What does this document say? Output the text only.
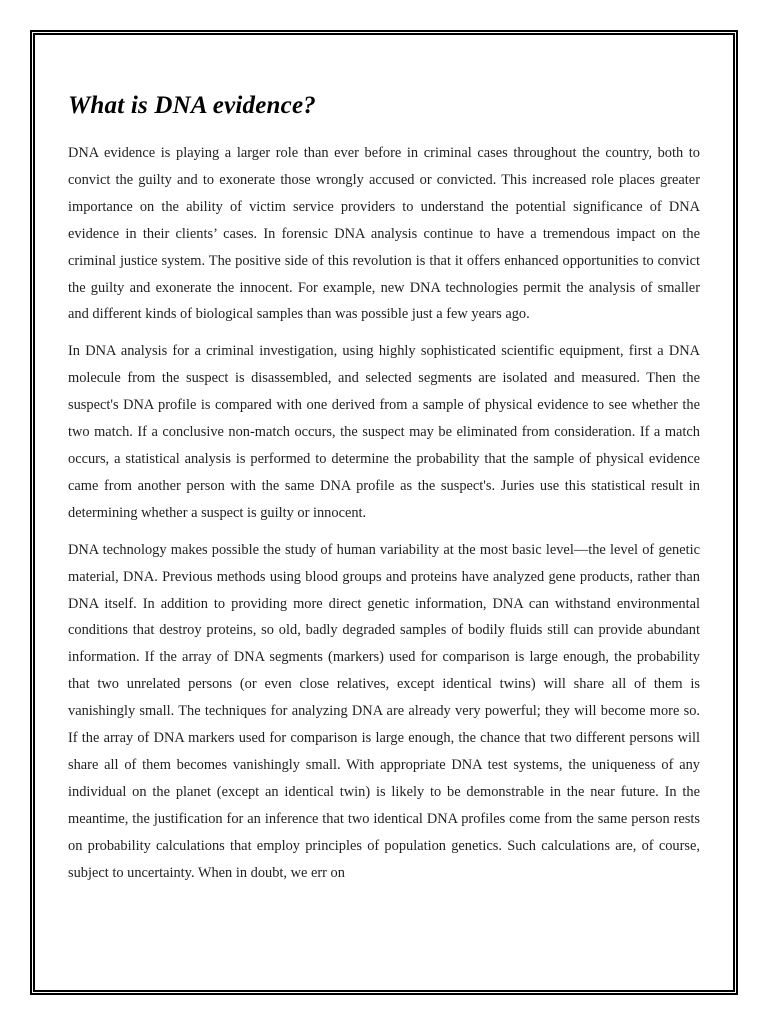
What is DNA evidence?

DNA evidence is playing a larger role than ever before in criminal cases throughout the country, both to convict the guilty and to exonerate those wrongly accused or convicted. This increased role places greater importance on the ability of victim service providers to understand the potential significance of DNA evidence in their clients’ cases. In forensic DNA analysis continue to have a tremendous impact on the criminal justice system. The positive side of this revolution is that it offers enhanced opportunities to convict the guilty and exonerate the innocent. For example, new DNA technologies permit the analysis of smaller and different kinds of biological samples than was possible just a few years ago.

In DNA analysis for a criminal investigation, using highly sophisticated scientific equipment, first a DNA molecule from the suspect is disassembled, and selected segments are isolated and measured. Then the suspect's DNA profile is compared with one derived from a sample of physical evidence to see whether the two match. If a conclusive non-match occurs, the suspect may be eliminated from consideration. If a match occurs, a statistical analysis is performed to determine the probability that the sample of physical evidence came from another person with the same DNA profile as the suspect's. Juries use this statistical result in determining whether a suspect is guilty or innocent.

DNA technology makes possible the study of human variability at the most basic level—the level of genetic material, DNA. Previous methods using blood groups and proteins have analyzed gene products, rather than DNA itself. In addition to providing more direct genetic information, DNA can withstand environmental conditions that destroy proteins, so old, badly degraded samples of bodily fluids still can provide abundant information. If the array of DNA segments (markers) used for comparison is large enough, the probability that two unrelated persons (or even close relatives, except identical twins) will share all of them is vanishingly small. The techniques for analyzing DNA are already very powerful; they will become more so. If the array of DNA markers used for comparison is large enough, the chance that two different persons will share all of them becomes vanishingly small. With appropriate DNA test systems, the uniqueness of any individual on the planet (except an identical twin) is likely to be demonstrable in the near future. In the meantime, the justification for an inference that two identical DNA profiles come from the same person rests on probability calculations that employ principles of population genetics. Such calculations are, of course, subject to uncertainty. When in doubt, we err on
